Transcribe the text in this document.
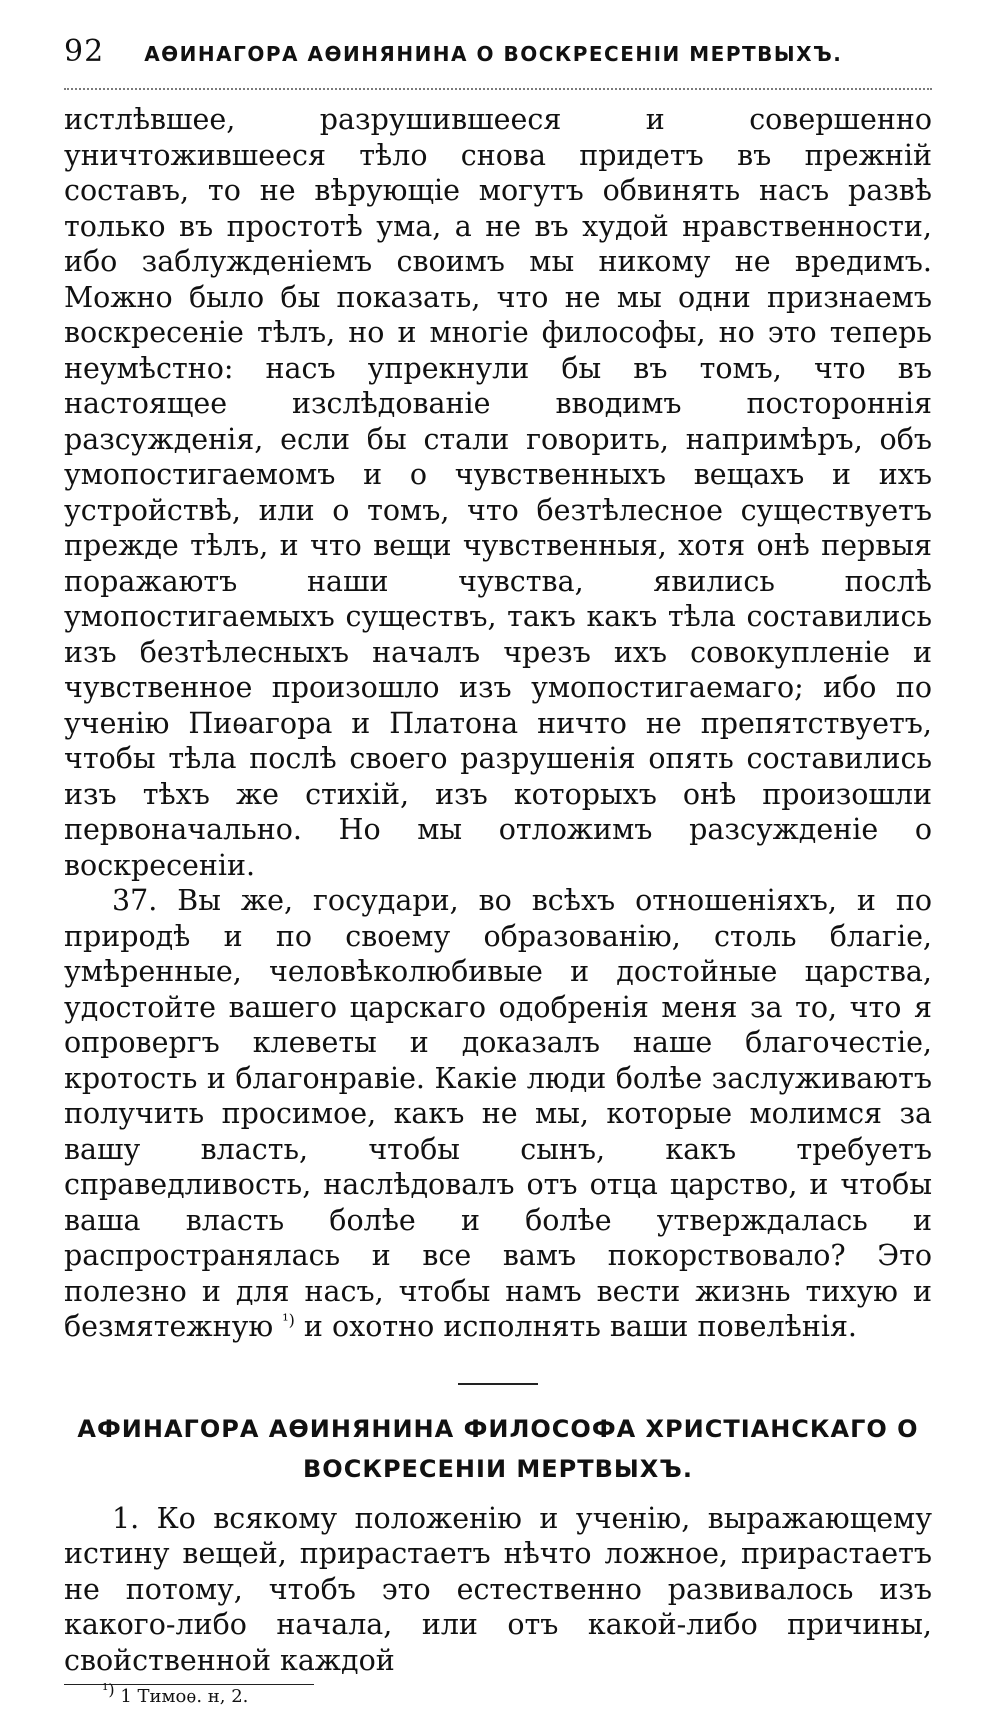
92 АѲИНАГОРА АѲИНЯНИНА О ВОСКРЕСЕНІИ МЕРТВЫХЪ.

истлѣвшее, разрушившееся и совершенно уничтожившееся тѣло снова придетъ въ прежній составъ, то не вѣрующіе могутъ обвинять насъ развѣ только въ простотѣ ума, а не въ худой нравственности, ибо заблужденіемъ своимъ мы никому не вредимъ. Можно было бы показать, что не мы одни признаемъ воскресеніе тѣлъ, но и многіе философы, но это теперь неумѣстно: насъ упрекнули бы въ томъ, что въ настоящее изслѣдованіе вводимъ постороннія разсужденія, если бы стали говорить, напримѣръ, объ умопостигаемомъ и о чувственныхъ вещахъ и ихъ устройствѣ, или о томъ, что безтѣлесное существуетъ прежде тѣлъ, и что вещи чувственныя, хотя онѣ первыя поражаютъ наши чувства, явились послѣ умопостигаемыхъ существъ, такъ какъ тѣла составились изъ безтѣлесныхъ началъ чрезъ ихъ совокупленіе и чувственное произошло изъ умопостигаемаго; ибо по ученію Пиѳагора и Платона ничто не препятствуетъ, чтобы тѣла послѣ своего разрушенія опять составились изъ тѣхъ же стихій, изъ которыхъ онѣ произошли первоначально. Но мы отложимъ разсужденіе о воскресеніи.

37. Вы же, государи, во всѣхъ отношеніяхъ, и по природѣ и по своему образованію, столь благіе, умѣренные, человѣколюбивые и достойные царства, удостойте вашего царскаго одобренія меня за то, что я опровергъ клеветы и доказалъ наше благочестіе, кротость и благонравіе. Какіе люди болѣе заслуживаютъ получить просимое, какъ не мы, которые молимся за вашу власть, чтобы сынъ, какъ требуетъ справедливость, наслѣдовалъ отъ отца царство, и чтобы ваша власть болѣе и болѣе утверждалась и распространялась и все вамъ покорствовало? Это полезно и для насъ, чтобы намъ вести жизнь тихую и безмятежную $^{^1)}$ и охотно исполнять ваши повелѣнія.

АФИНАГОРА АѲИНЯНИНА ФИЛОСОФА ХРИСТІАНСКАГО О
ВОСКРЕСЕНІИ МЕРТВЫХЪ.

1. Ко всякому положенію и ученію, выражающему истину вещей, прирастаетъ нѣчто ложное, прирастаетъ не потому, чтобъ это естественно развивалось изъ какого-либо начала, или отъ какой-либо причины, свойственной каждой

¹) 1 Тимоѳ. н, 2.
